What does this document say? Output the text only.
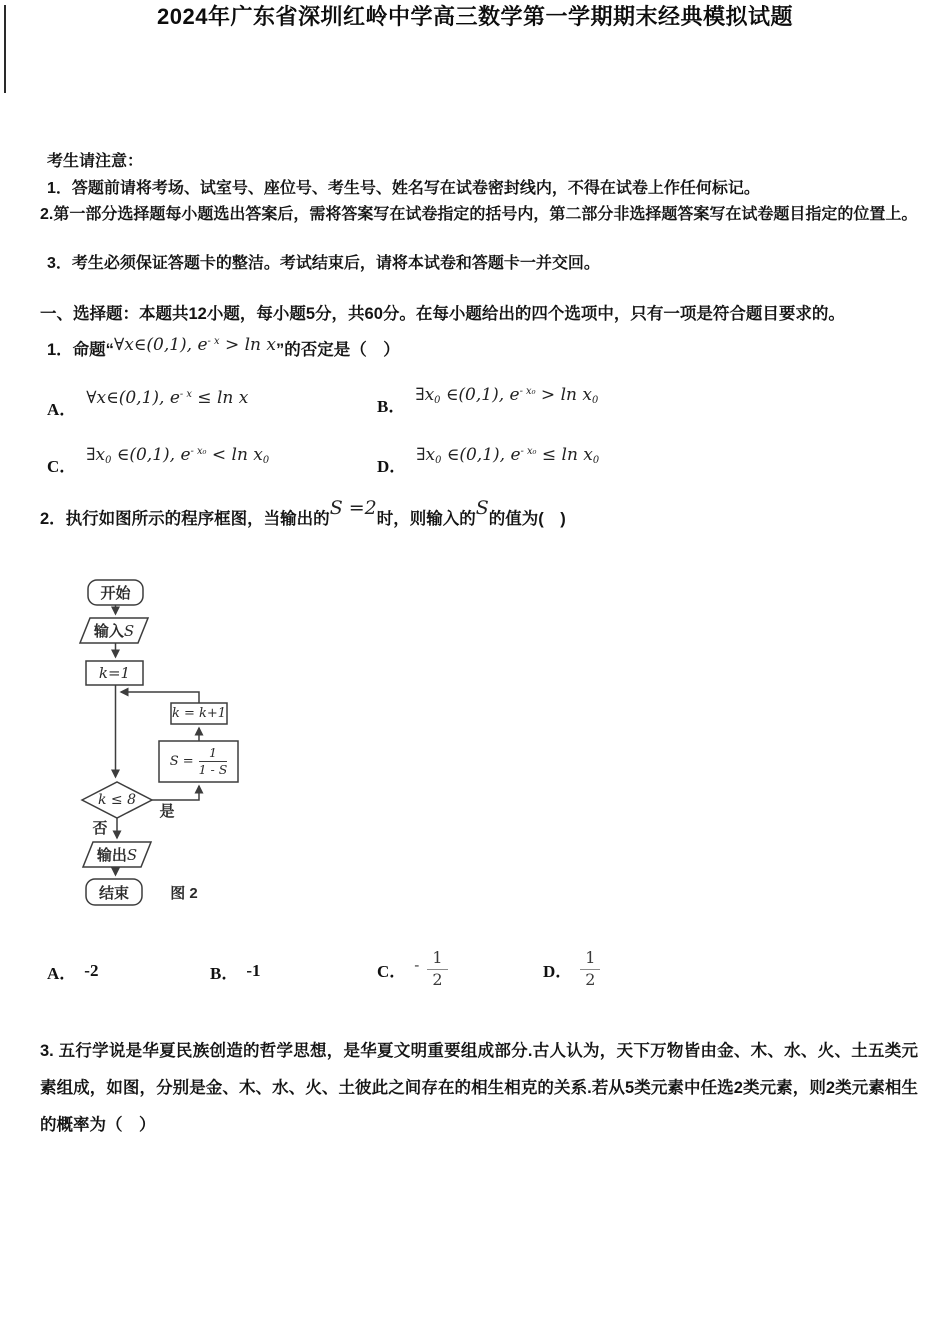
2024年广东省深圳红岭中学高三数学第一学期期末经典模拟试题
考生请注意：
1．答题前请将考场、试室号、座位号、考生号、姓名写在试卷密封线内，不得在试卷上作任何标记。
2.第一部分选择题每小题选出答案后，需将答案写在试卷指定的括号内，第二部分非选择题答案写在试卷题目指定的位置上。
3．考生必须保证答题卡的整洁。考试结束后，请将本试卷和答题卡一并交回。
一、选择题：本题共12小题，每小题5分，共60分。在每小题给出的四个选项中，只有一项是符合题目要求的。
1．命题“∀x∈(0,1), $e^{- x} > \ln x$”的否定是（　）
A．
∀x∈(0,1), $e^{- x} \le \ln x$	B．
$\exists x_0$ ∈(0,1), $e^{- x_0} > \ln x_0$
C．
$\exists x_0$ ∈(0,1), $e^{- x_0} < \ln x_0$	D．
$\exists x_0$ ∈(0,1), $e^{- x_0} \le \ln x_0$
2．执行如图所示的程序框图，当输出的S =2时，则输入的S的值为(　)
开始
输入 S
k=1
k = k+1
$S = \frac{1}{1 - S}$
k ≤ 8
是
否
输出 S
结束	图 2
A． -2	B． -1	C． - $\frac{1}{2}$	D． $\frac{1}{2}$
3. 五行学说是华夏民族创造的哲学思想，是华夏文明重要组成部分.古人认为，天下万物皆由金、木、水、火、土五类元素组成，如图，分别是金、木、水、火、土彼此之间存在的相生相克的关系.若从5类元素中任选2类元素，则2类元素相生的概率为（　）
